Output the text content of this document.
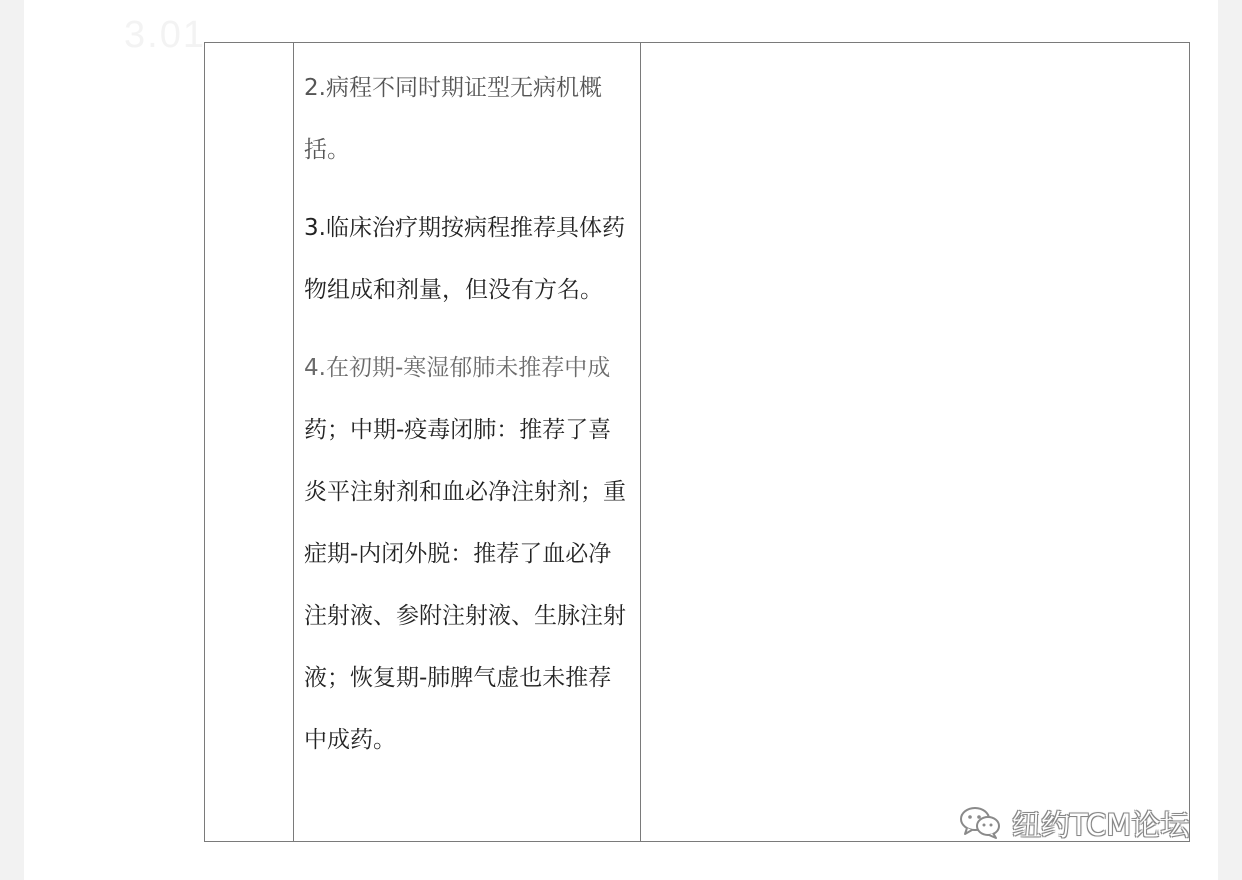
3.01

2.病程不同时期证型无病机概括。

3.临床治疗期按病程推荐具体药物组成和剂量，但没有方名。

4.在初期-寒湿郁肺未推荐中成药；中期-疫毒闭肺：推荐了喜炎平注射剂和血必净注射剂；重症期-内闭外脱：推荐了血必净注射液、参附注射液、生脉注射液；恢复期-肺脾气虚也未推荐中成药。

纽约TCM论坛
